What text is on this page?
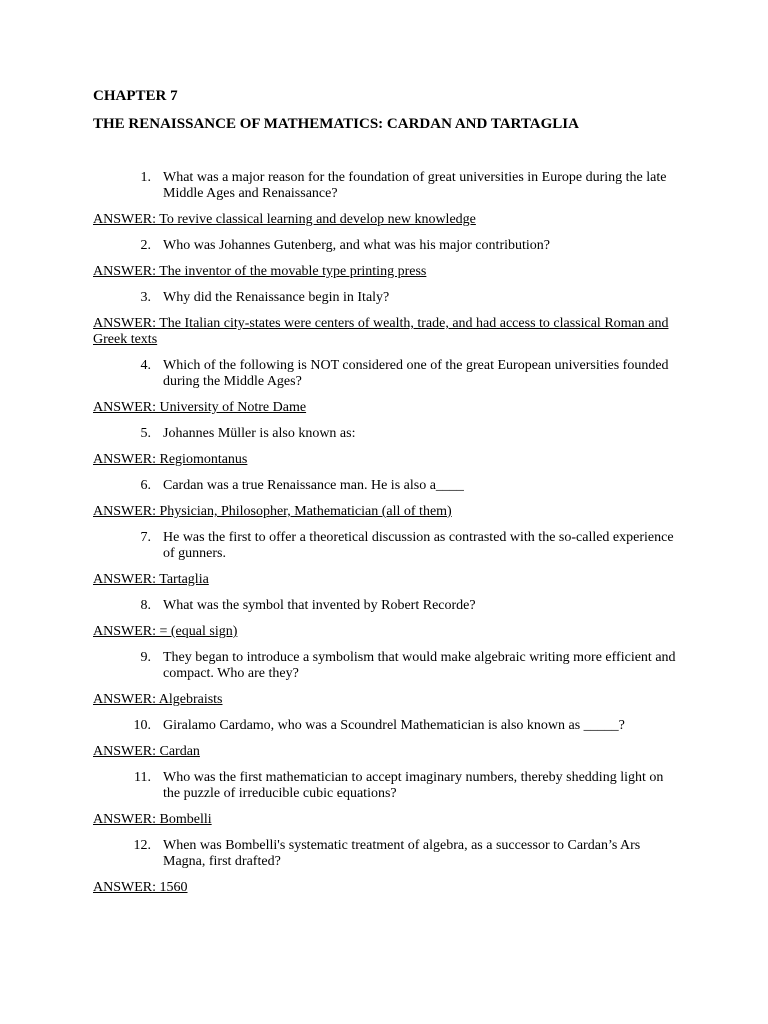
CHAPTER 7
THE RENAISSANCE OF MATHEMATICS: CARDAN AND TARTAGLIA
1. What was a major reason for the foundation of great universities in Europe during the late Middle Ages and Renaissance?
ANSWER: To revive classical learning and develop new knowledge
2. Who was Johannes Gutenberg, and what was his major contribution?
ANSWER: The inventor of the movable type printing press
3. Why did the Renaissance begin in Italy?
ANSWER: The Italian city-states were centers of wealth, trade, and had access to classical Roman and Greek texts
4. Which of the following is NOT considered one of the great European universities founded during the Middle Ages?
ANSWER: University of Notre Dame
5. Johannes Müller is also known as:
ANSWER: Regiomontanus
6. Cardan was a true Renaissance man. He is also a____
ANSWER: Physician, Philosopher, Mathematician (all of them)
7. He was the first to offer a theoretical discussion as contrasted with the so-called experience of gunners.
ANSWER: Tartaglia
8. What was the symbol that invented by Robert Recorde?
ANSWER: = (equal sign)
9. They began to introduce a symbolism that would make algebraic writing more efficient and compact. Who are they?
ANSWER: Algebraists
10. Giralamo Cardamo, who was a Scoundrel Mathematician is also known as _____?
ANSWER: Cardan
11. Who was the first mathematician to accept imaginary numbers, thereby shedding light on the puzzle of irreducible cubic equations?
ANSWER: Bombelli
12. When was Bombelli's systematic treatment of algebra, as a successor to Cardan’s Ars Magna, first drafted?
ANSWER: 1560
